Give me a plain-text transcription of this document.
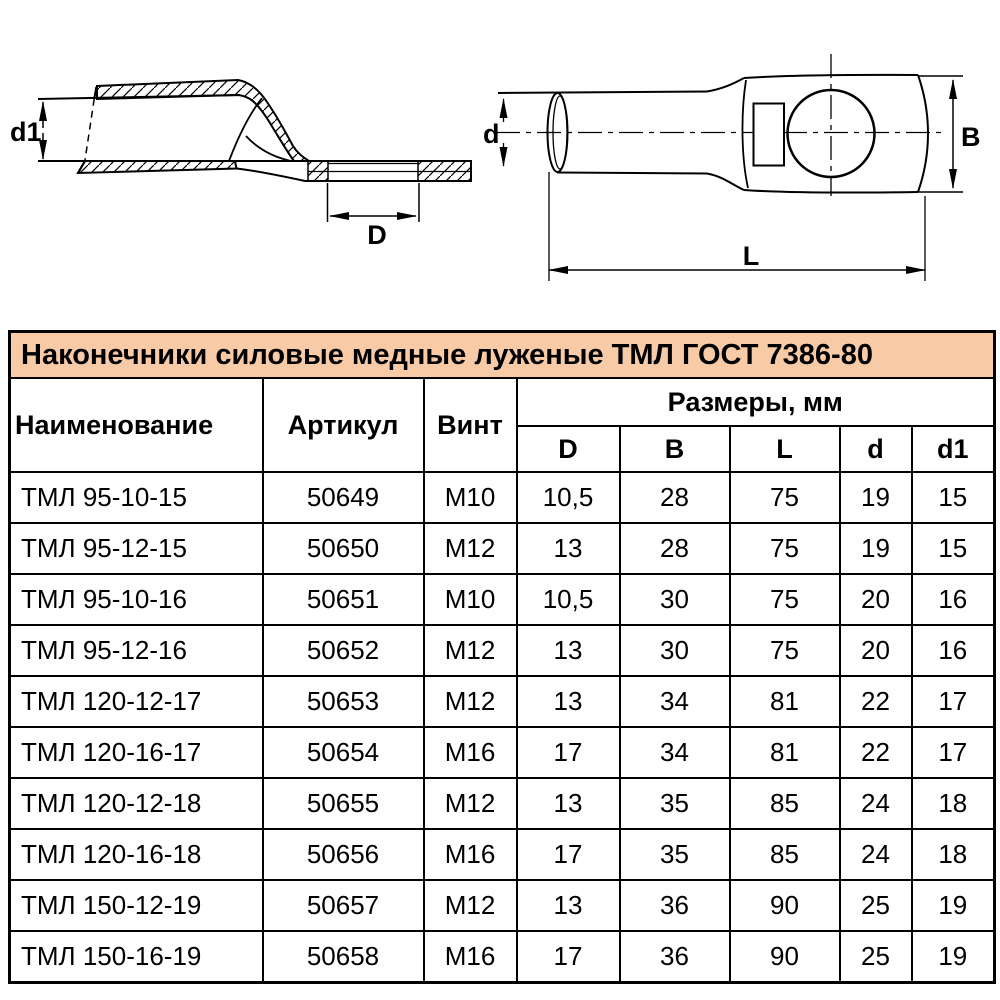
d1
D
d	B
L
Наконечники силовые медные луженые ТМЛ ГОСТ 7386-80							
Наименование	Артикул	Винт	Размеры, мм				
			D	B	L	d	d1
ТМЛ 95-10-15	50649	М10	10,5	28	75	19	15
ТМЛ 95-12-15	50650	М12	13	28	75	19	15
ТМЛ 95-10-16	50651	М10	10,5	30	75	20	16
ТМЛ 95-12-16	50652	М12	13	30	75	20	16
ТМЛ 120-12-17	50653	М12	13	34	81	22	17
ТМЛ 120-16-17	50654	М16	17	34	81	22	17
ТМЛ 120-12-18	50655	М12	13	35	85	24	18
ТМЛ 120-16-18	50656	М16	17	35	85	24	18
ТМЛ 150-12-19	50657	М12	13	36	90	25	19
ТМЛ 150-16-19	50658	М16	17	36	90	25	19
